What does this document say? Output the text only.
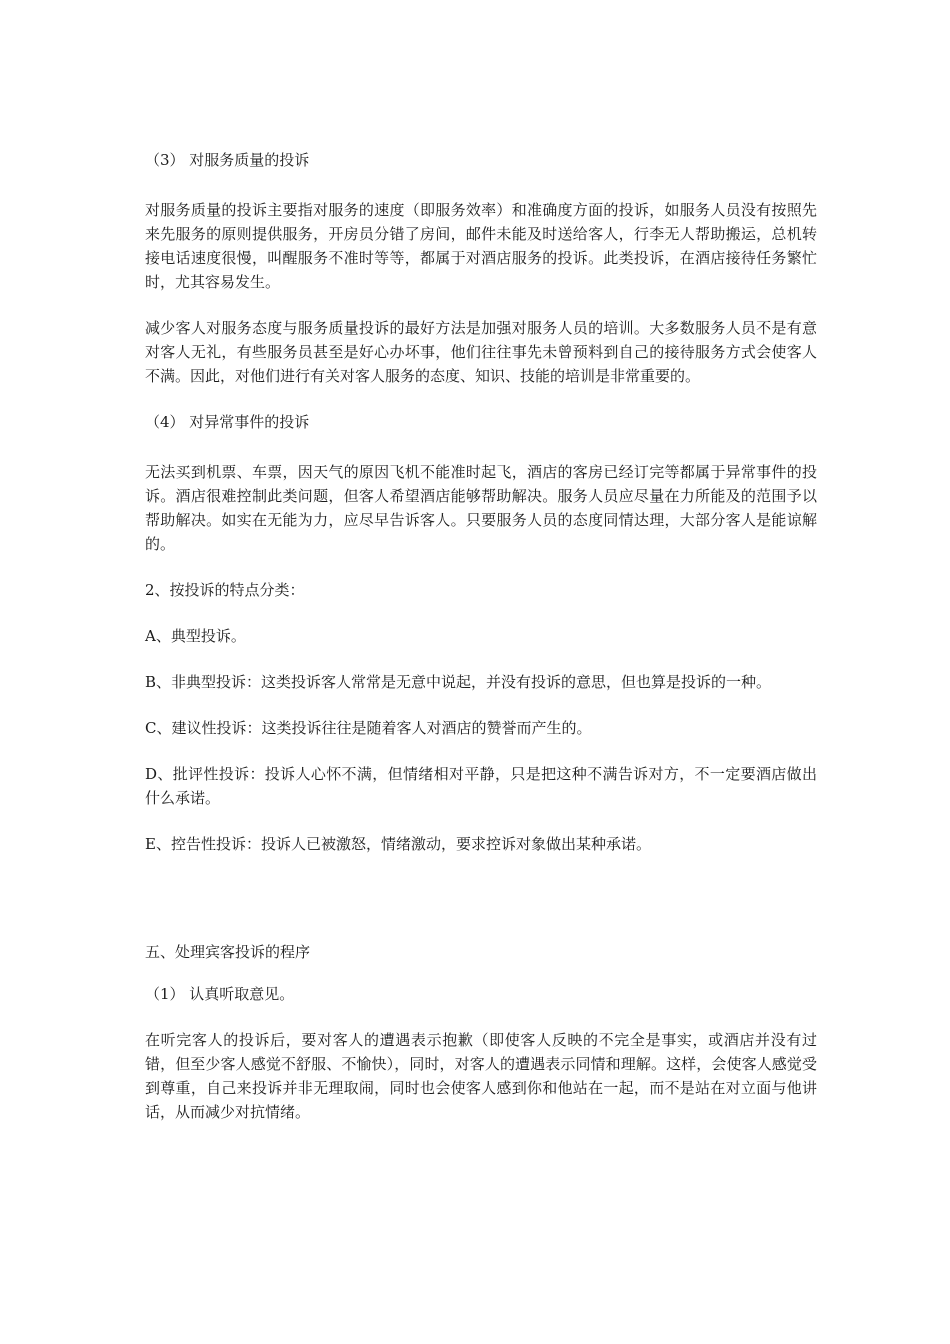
（3） 对服务质量的投诉

对服务质量的投诉主要指对服务的速度（即服务效率）和准确度方面的投诉，如服务人员没有按照先来先服务的原则提供服务，开房员分错了房间，邮件未能及时送给客人，行李无人帮助搬运，总机转接电话速度很慢，叫醒服务不准时等等，都属于对酒店服务的投诉。此类投诉，在酒店接待任务繁忙时，尤其容易发生。

减少客人对服务态度与服务质量投诉的最好方法是加强对服务人员的培训。大多数服务人员不是有意对客人无礼，有些服务员甚至是好心办坏事，他们往往事先未曾预料到自己的接待服务方式会使客人不满。因此，对他们进行有关对客人服务的态度、知识、技能的培训是非常重要的。

（4） 对异常事件的投诉

无法买到机票、车票，因天气的原因飞机不能准时起飞，酒店的客房已经订完等都属于异常事件的投诉。酒店很难控制此类问题，但客人希望酒店能够帮助解决。服务人员应尽量在力所能及的范围予以帮助解决。如实在无能为力，应尽早告诉客人。只要服务人员的态度同情达理，大部分客人是能谅解的。

2、按投诉的特点分类：

A、典型投诉。

B、非典型投诉：这类投诉客人常常是无意中说起，并没有投诉的意思，但也算是投诉的一种。

C、建议性投诉：这类投诉往往是随着客人对酒店的赞誉而产生的。

D、批评性投诉：投诉人心怀不满，但情绪相对平静，只是把这种不满告诉对方，不一定要酒店做出什么承诺。

E、控告性投诉：投诉人已被激怒，情绪激动，要求控诉对象做出某种承诺。

五、处理宾客投诉的程序

（1） 认真听取意见。

在听完客人的投诉后，要对客人的遭遇表示抱歉（即使客人反映的不完全是事实，或酒店并没有过错，但至少客人感觉不舒服、不愉快），同时，对客人的遭遇表示同情和理解。这样，会使客人感觉受到尊重，自己来投诉并非无理取闹，同时也会使客人感到你和他站在一起，而不是站在对立面与他讲话，从而减少对抗情绪。
